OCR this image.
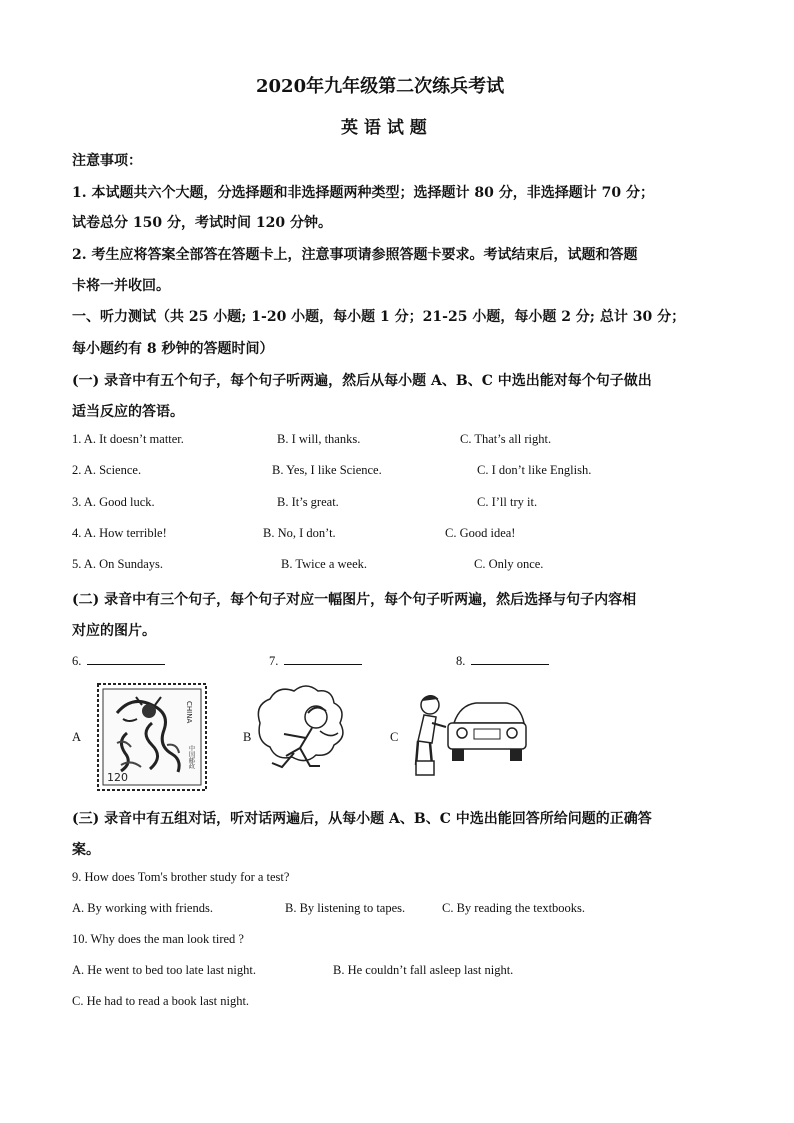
2020年九年级第二次练兵考试
英 语 试 题
注意事项：
1. 本试题共六个大题，分选择题和非选择题两种类型；选择题计 80 分，非选择题计 70 分；
试卷总分 150 分，考试时间 120 分钟。
2. 考生应将答案全部答在答题卡上，注意事项请参照答题卡要求。考试结束后，试题和答题
卡将一并收回。
一、听力测试（共 25 小题; 1-20 小题，每小题 1 分；21-25 小题，每小题 2 分; 总计 30 分；
每小题约有 8 秒钟的答题时间）
(一) 录音中有五个句子，每个句子听两遍，然后从每小题 A、B、C 中选出能对每个句子做出
适当反应的答语。
1. A. It doesn’t matter.	B. I will, thanks.	C. That’s all right.
2. A. Science.	B. Yes, I like Science.	C. I don’t like English.
3. A. Good luck.	B. It’s great.	C. I’ll try it.
4. A. How terrible!	B. No, I don’t.	C. Good idea!
5. A. On Sundays.	B. Twice a week.	C. Only once.
(二) 录音中有三个句子，每个句子对应一幅图片，每个句子听两遍，然后选择与句子内容相
对应的图片。
6.	7.	8.
A
CHINA
中国邮政
120
B	C
(三) 录音中有五组对话，听对话两遍后，从每小题 A、B、C 中选出能回答所给问题的正确答
案。
9. How does Tom's brother study for a test?
A. By working with friends.	B. By listening to tapes.	C. By reading the textbooks.
10. Why does the man look tired ?
A. He went to bed too late last night.	B. He couldn’t fall asleep last night.
C. He had to read a book last night.
